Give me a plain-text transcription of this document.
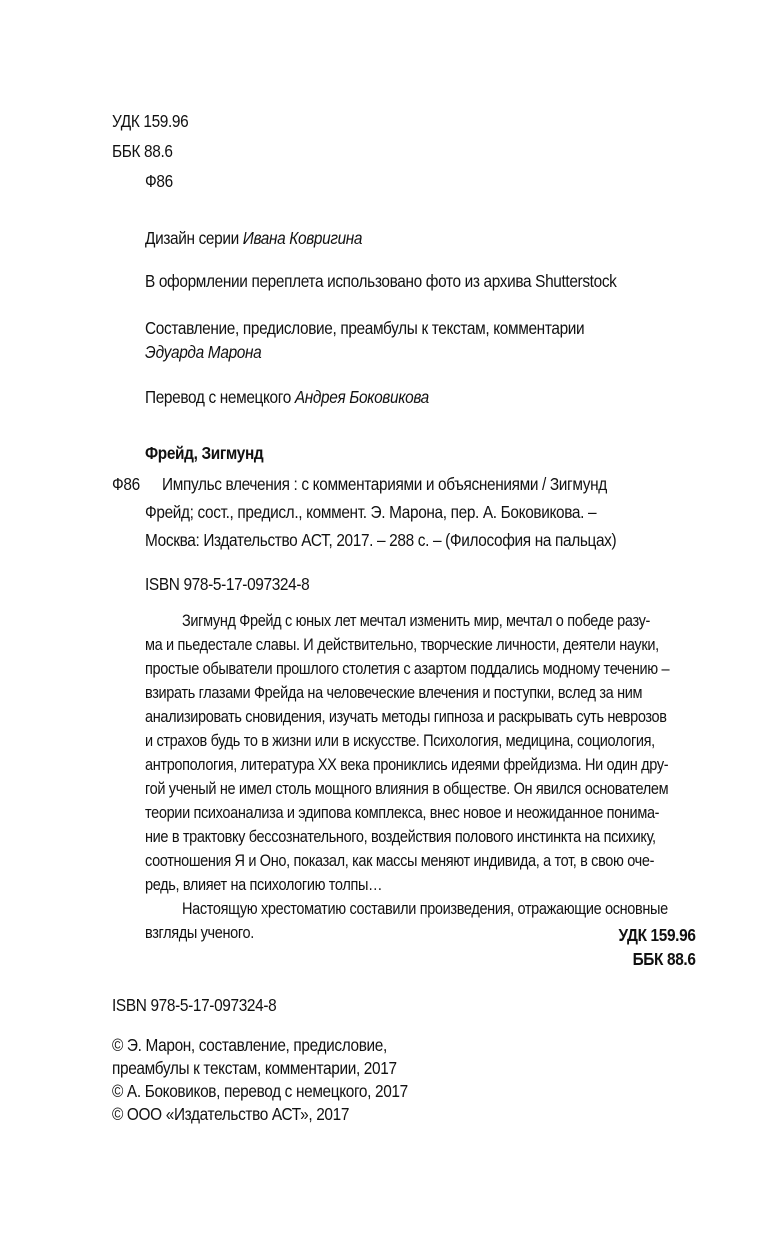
УДК 159.96
ББК 88.6
Ф86
Дизайн серии Ивана Ковригина
В оформлении переплета использовано фото из архива Shutterstock
Составление, предисловие, преамбулы к текстам, комментарии
Эдуарда Марона
Перевод с немецкого Андрея Боковикова
Фрейд, Зигмунд
Ф86 Импульс влечения : с комментариями и объяснениями / Зигмунд
Фрейд; сост., предисл., коммент. Э. Марона, пер. А. Боковикова. –
Москва: Издательство АСТ, 2017. – 288 с. – (Философия на пальцах)
ISBN 978-5-17-097324-8
Зигмунд Фрейд с юных лет мечтал изменить мир, мечтал о победе разу-
ма и пьедестале славы. И действительно, творческие личности, деятели науки,
простые обыватели прошлого столетия с азартом поддались модному течению –
взирать глазами Фрейда на человеческие влечения и поступки, вслед за ним
анализировать сновидения, изучать методы гипноза и раскрывать суть неврозов
и страхов будь то в жизни или в искусстве. Психология, медицина, социология,
антропология, литература XX века прониклись идеями фрейдизма. Ни один дру-
гой ученый не имел столь мощного влияния в обществе. Он явился основателем
теории психоанализа и эдипова комплекса, внес новое и неожиданное понима-
ние в трактовку бессознательного, воздействия полового инстинкта на психику,
соотношения Я и Оно, показал, как массы меняют индивида, а тот, в свою оче-
редь, влияет на психологию толпы…
Настоящую хрестоматию составили произведения, отражающие основные
взгляды ученого.	УДК 159.96
ББК 88.6
ISBN 978-5-17-097324-8
© Э. Марон, составление, предисловие,
преамбулы к текстам, комментарии, 2017
© А. Боковиков, перевод с немецкого, 2017
© ООО «Издательство АСТ», 2017
